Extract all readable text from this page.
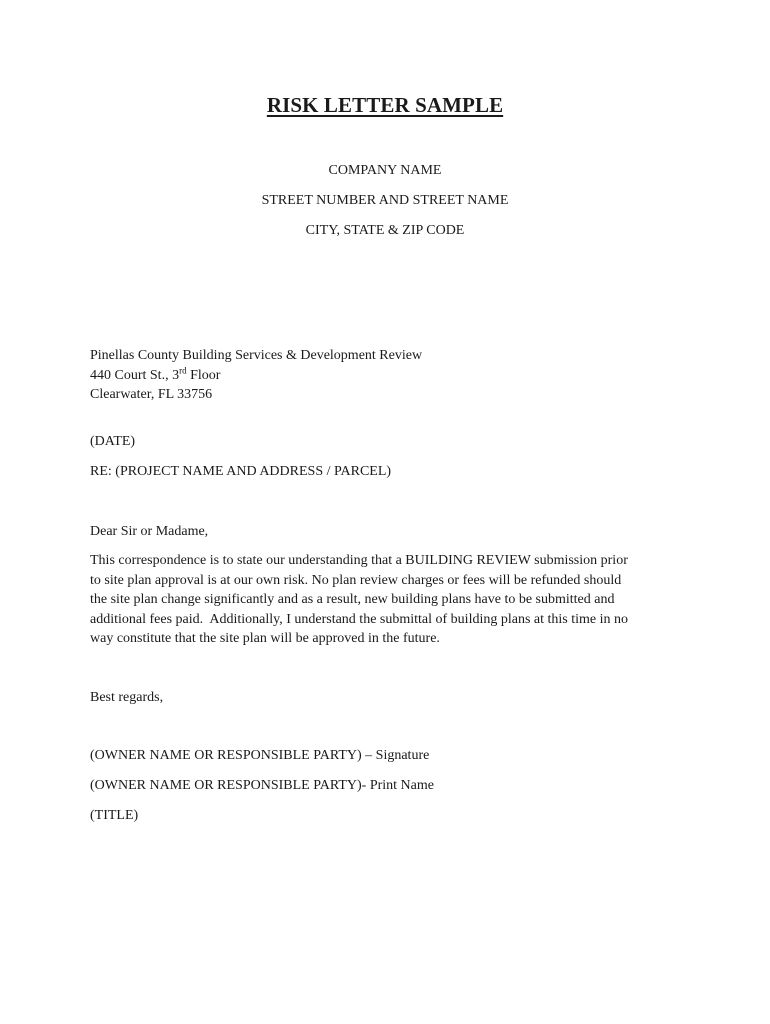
RISK LETTER SAMPLE
COMPANY NAME
STREET NUMBER AND STREET NAME
CITY, STATE & ZIP CODE
Pinellas County Building Services & Development Review
440 Court St., 3rd Floor
Clearwater, FL 33756
(DATE)
RE: (PROJECT NAME AND ADDRESS / PARCEL)
Dear Sir or Madame,
This correspondence is to state our understanding that a BUILDING REVIEW submission prior
to site plan approval is at our own risk. No plan review charges or fees will be refunded should
the site plan change significantly and as a result, new building plans have to be submitted and
additional fees paid.  Additionally, I understand the submittal of building plans at this time in no
way constitute that the site plan will be approved in the future.
Best regards,
(OWNER NAME OR RESPONSIBLE PARTY) – Signature
(OWNER NAME OR RESPONSIBLE PARTY)- Print Name
(TITLE)
